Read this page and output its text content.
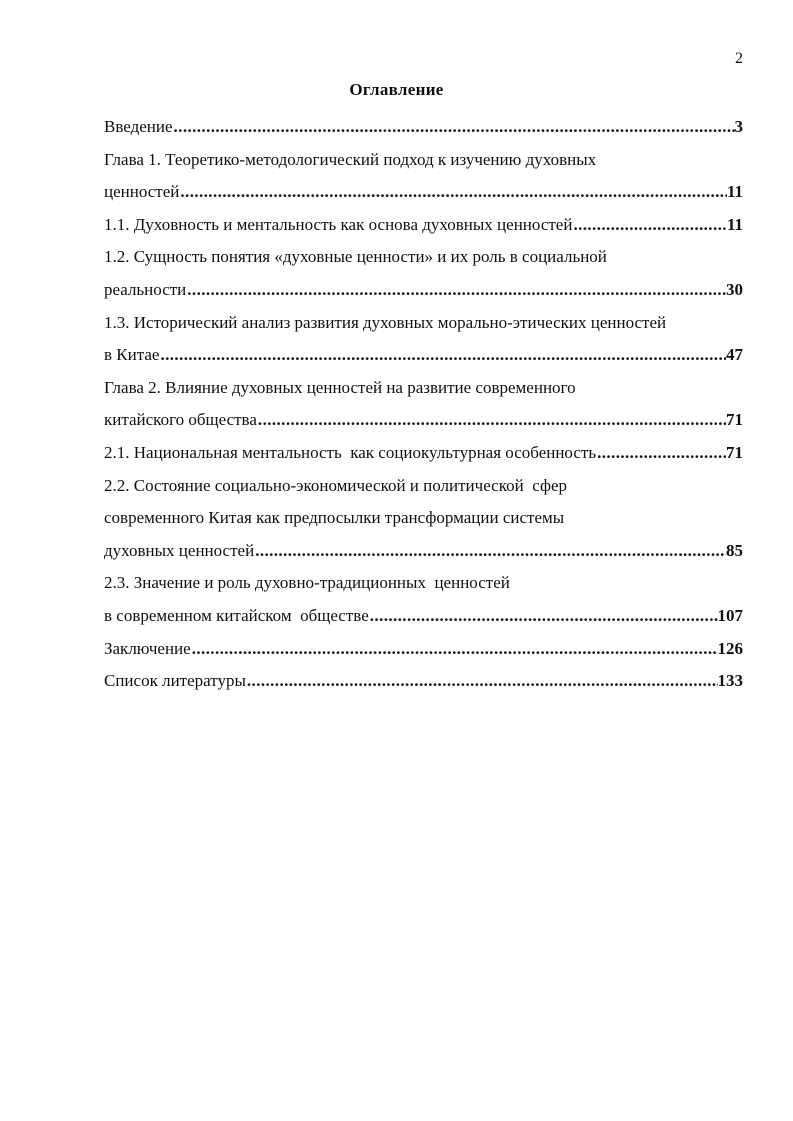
2
Оглавление
Введение .....	3
Глава 1. Теоретико-методологический подход к изучению духовных
ценностей .....	11
1.1. Духовность и ментальность как основа духовных ценностей .....	11
1.2. Сущность понятия «духовные ценности» и их роль в социальной
реальности .....	30
1.3. Исторический анализ развития духовных морально-этических ценностей
в Китае .....	47
Глава 2. Влияние духовных ценностей на развитие современного
китайского общества .....	71
2.1. Национальная ментальность  как социокультурная особенность .....	71
2.2. Состояние социально-экономической и политической  сфер
современного Китая как предпосылки трансформации системы
духовных ценностей .....	85
2.3. Значение и роль духовно-традиционных  ценностей
в современном китайском  обществе .....	107
Заключение .....	126
Список литературы .....	133
